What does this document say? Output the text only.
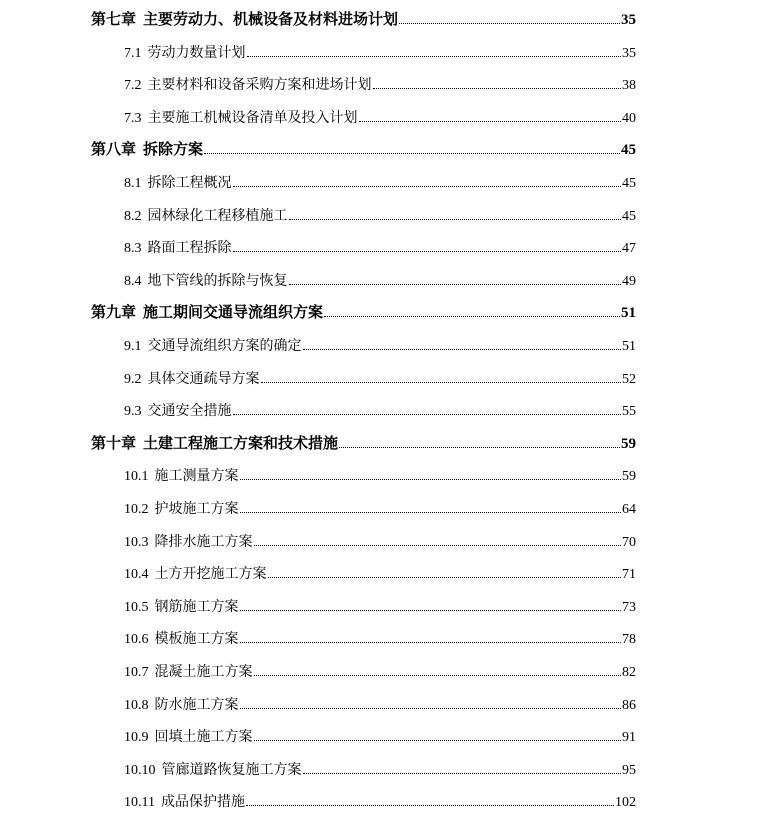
第七章 主要劳动力、机械设备及材料进场计划	35
7.1 劳动力数量计划	35
7.2 主要材料和设备采购方案和进场计划	38
7.3 主要施工机械设备清单及投入计划	40
第八章 拆除方案	45
8.1 拆除工程概况	45
8.2 园林绿化工程移植施工	45
8.3 路面工程拆除	47
8.4 地下管线的拆除与恢复	49
第九章 施工期间交通导流组织方案	51
9.1 交通导流组织方案的确定	51
9.2 具体交通疏导方案	52
9.3 交通安全措施	55
第十章 土建工程施工方案和技术措施	59
10.1 施工测量方案	59
10.2 护坡施工方案	64
10.3 降排水施工方案	70
10.4 土方开挖施工方案	71
10.5 钢筋施工方案	73
10.6 模板施工方案	78
10.7 混凝土施工方案	82
10.8 防水施工方案	86
10.9 回填土施工方案	91
10.10 管廊道路恢复施工方案	95
10.11 成品保护措施	102
